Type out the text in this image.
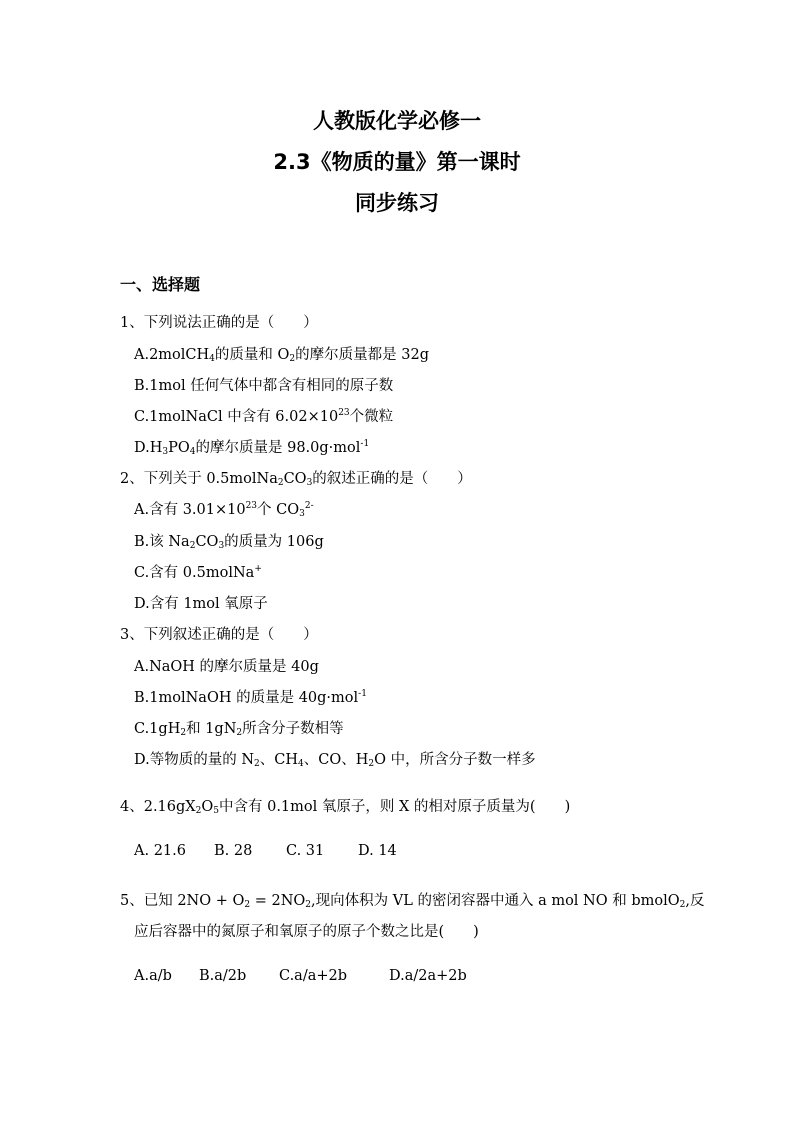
人教版化学必修一
2.3《物质的量》第一课时
同步练习
一、选择题
1、下列说法正确的是（　　）
A.2molCH$_4$的质量和 $O_2$的摩尔质量都是 32g
B.1mol 任何气体中都含有相同的原子数
C.1molNaCl 中含有 $6.02\times 10^{23}$个微粒
$D.H_3PO_4$的摩尔质量是 98.0g·mol$^{-1}$
2、下列关于 $0.5molNa_2CO_3$的叙述正确的是（　　）
A.含有 $3.01\times 10^{23}$个 $CO_3^{2-}$
B.该 $Na_2CO_3$的质量为 106g
C.含有 0.5molNa+
D.含有 1mol 氧原子
3、下列叙述正确的是（　　）
A.NaOH 的摩尔质量是 40g
B.1molNaOH 的质量是 40g·mol$^{-1}$
$C.1gH_2$和 $1gN_2$所含分子数相等
D.等物质的量的 $N_2$、$CH_4$、CO、$H_2O$ 中，所含分子数一样多
4、$2.16gX_2O_5$中含有 0.1mol 氧原子，则 X 的相对原子质量为(　　)
A. 21.6 B. 28 C. 31 D. 14
5、已知 $2NO + O_2 = 2NO_2$,现向体积为 VL 的密闭容器中通入 a mol NO 和 bmolO$_2$,反
应后容器中的氮原子和氧原子的原子个数之比是(　　)
A.a/b B.a/2b C.a/a+2b	D.a/2a+2b
